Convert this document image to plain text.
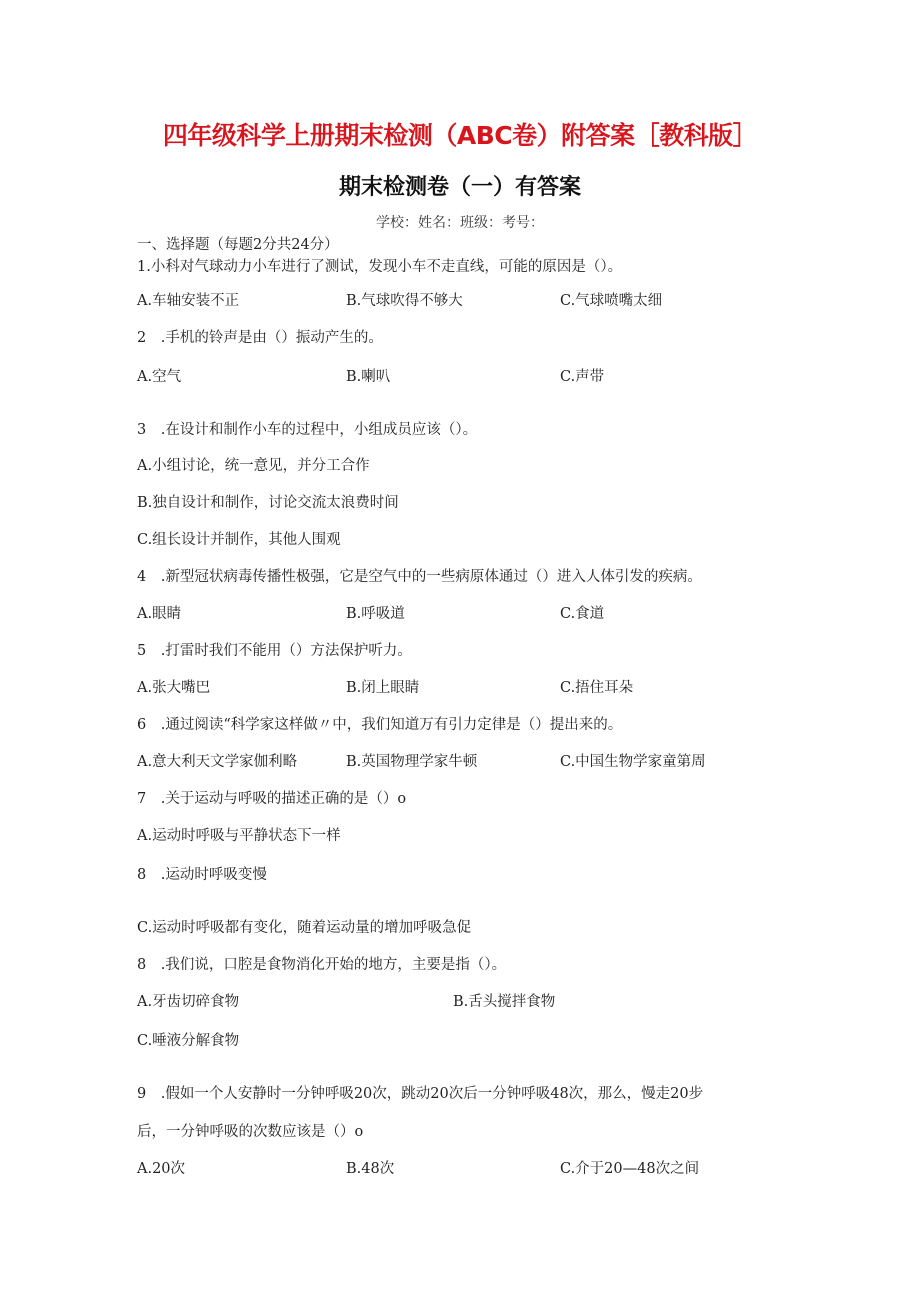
四年级科学上册期末检测（ABC卷）附答案［教科版］
期末检测卷（一）有答案
学校：姓名：班级：考号：
一、选择题（每题2分共24分）
1.小科对气球动力小车进行了测试，发现小车不走直线，可能的原因是（）。
A.车轴安装不正	B.气球吹得不够大	C.气球喷嘴太细
2　.手机的铃声是由（）振动产生的。
A.空气	B.喇叭	C.声带
3　.在设计和制作小车的过程中，小组成员应该（）。
A.小组讨论，统一意见，并分工合作
B.独自设计和制作，讨论交流太浪费时间
C.组长设计并制作，其他人围观
4　.新型冠状病毒传播性极强，它是空气中的一些病原体通过（）进入人体引发的疾病。
A.眼睛	B.呼吸道	C.食道
5　.打雷时我们不能用（）方法保护听力。
A.张大嘴巴	B.闭上眼睛	C.捂住耳朵
6　.通过阅读“科学家这样做〃中，我们知道万有引力定律是（）提出来的。
A.意大利天文学家伽利略	B.英国物理学家牛顿	C.中国生物学家童第周
7　.关于运动与呼吸的描述正确的是（）o
A.运动时呼吸与平静状态下一样
8　.运动时呼吸变慢
C.运动时呼吸都有变化，随着运动量的增加呼吸急促
8　.我们说，口腔是食物消化开始的地方，主要是指（）。
A.牙齿切碎食物	B.舌头搅拌食物
C.唾液分解食物
9　.假如一个人安静时一分钟呼吸20次，跳动20次后一分钟呼吸48次，那么，慢走20步
后，一分钟呼吸的次数应该是（）o
A.20次	B.48次	C.介于20—48次之间
